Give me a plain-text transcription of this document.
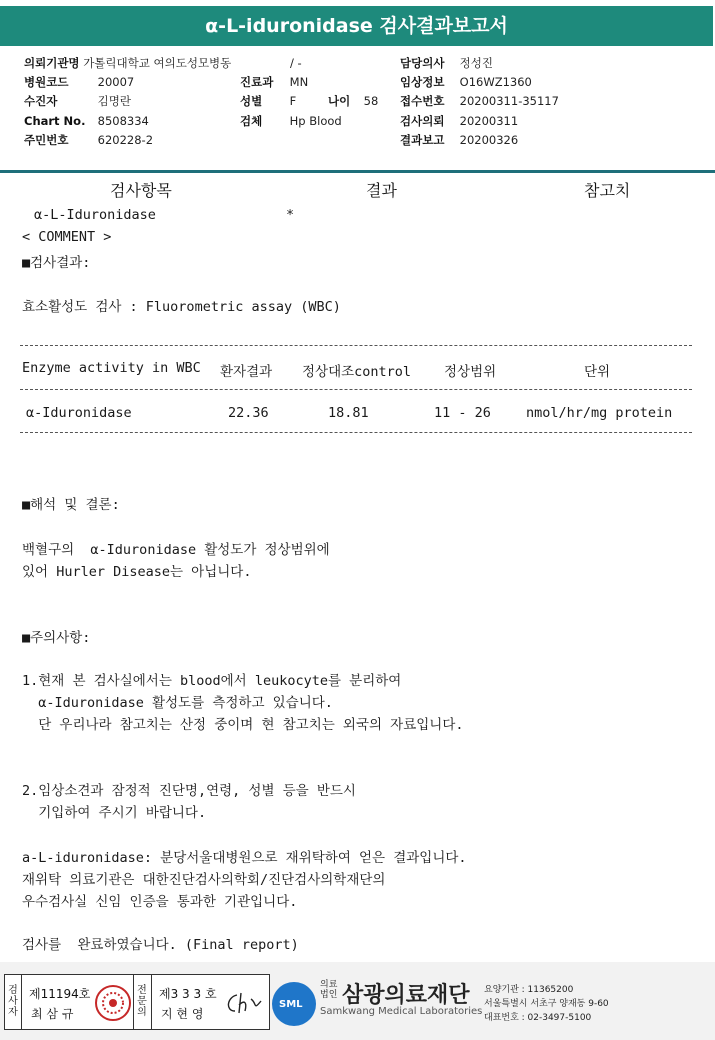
α-L-iduronidase 검사결과보고서
의뢰기관명 가톨릭대학교 여의도성모병동	/ -	담당의사 정성진
병원코드	20007	진료과 MN	임상정보 O16WZ1360
수진자	김명란	성별 F	나이 58 접수번호 20200311-35117
Chart No. 8508334	검체 Hp Blood	검사의뢰 20200311
주민번호	620228-2	결과보고 20200326
검사항목	결과	참고치
α-L-Iduronidase	*
< COMMENT >
■검사결과:
효소활성도 검사 : Fluorometric assay (WBC)
Enzyme activity in WBC 환자결과 정상대조control 정상범위	단위
α-Iduronidase	22.36	18.81	11 - 26	nmol/hr/mg protein
■해석 및 결론:
백혈구의  α-Iduronidase 활성도가 정상범위에
있어 Hurler Disease는 아닙니다.
■주의사항:
1.현재 본 검사실에서는 blood에서 leukocyte를 분리하여
α-Iduronidase 활성도를 측정하고 있습니다.
단 우리나라 참고치는 산정 중이며 현 참고치는 외국의 자료입니다.
2.임상소견과 잠정적 진단명,연령, 성별 등을 반드시
기입하여 주시기 바랍니다.
a-L-iduronidase: 분당서울대병원으로 재위탁하여 얻은 결과입니다.
재위탁 의료기관은 대한진단검사의학회/진단검사의학재단의
우수검사실 신임 인증을 통과한 기관입니다.
검사를  완료하였습니다. (Final report)
검
사
자
제11194호
최 삼 규
전
문
의
제3 3 3 호
지 현 영
SML
의료
법인 삼광의료재단
Samkwang Medical Laboratories
요양기관 : 11365200
서울특별시 서초구 양재동 9-60
대표번호 : 02-3497-5100
